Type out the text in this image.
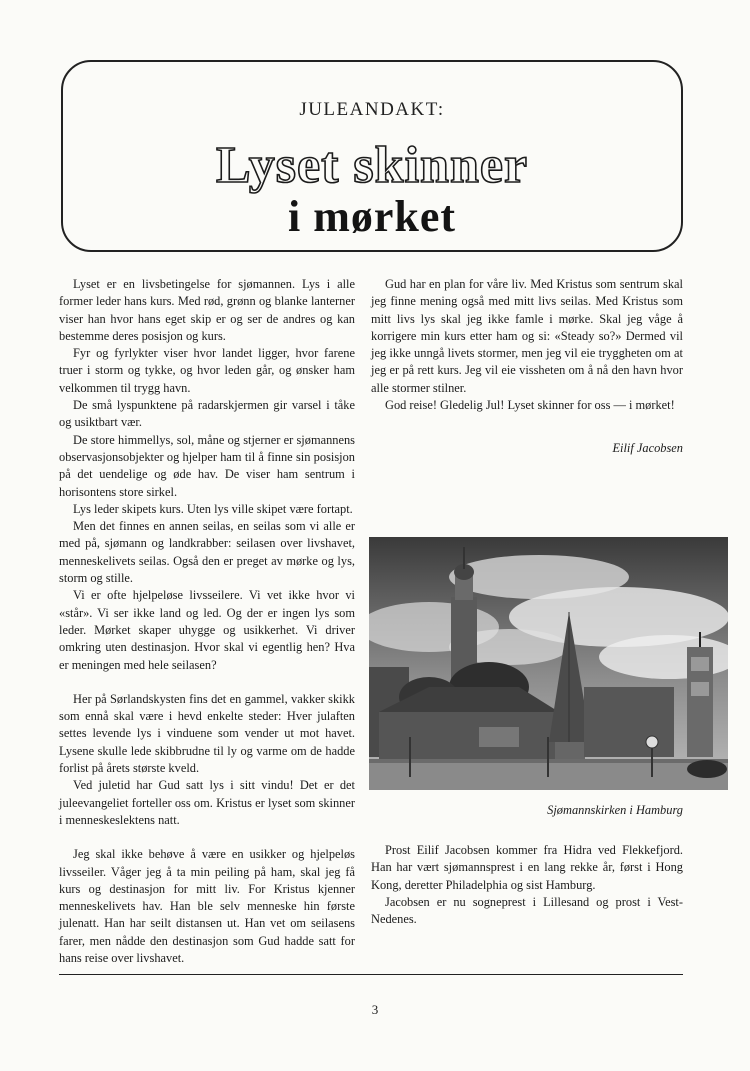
JULEANDAKT:
Lyset skinner
i mørket

Lyset er en livsbetingelse for sjømannen. Lys i alle former leder hans kurs. Med rød, grønn og blanke lanterner viser han hvor hans eget skip er og ser de andres og kan bestemme deres posisjon og kurs.

Fyr og fyrlykter viser hvor landet ligger, hvor farene truer i storm og tykke, og hvor leden går, og ønsker ham velkommen til trygg havn.

De små lyspunktene på radarskjermen gir varsel i tåke og usiktbart vær.

De store himmellys, sol, måne og stjerner er sjømannens observasjonsobjekter og hjelper ham til å finne sin posisjon på det uendelige og øde hav. De viser ham sentrum i horisontens store sirkel.

Lys leder skipets kurs. Uten lys ville skipet være fortapt.

Men det finnes en annen seilas, en seilas som vi alle er med på, sjømann og landkrabber: seilasen over livshavet, menneskelivets seilas. Også den er preget av mørke og lys, storm og stille.

Vi er ofte hjelpeløse livsseilere. Vi vet ikke hvor vi «står». Vi ser ikke land og led. Og der er ingen lys som leder. Mørket skaper uhygge og usikkerhet. Vi driver omkring uten destinasjon. Hvor skal vi egentlig hen? Hva er meningen med hele seilasen?

Her på Sørlandskysten fins det en gammel, vakker skikk som ennå skal være i hevd enkelte steder: Hver julaften settes levende lys i vinduene som vender ut mot havet. Lysene skulle lede skibbrudne til ly og varme om de hadde forlist på årets største kveld.

Ved juletid har Gud satt lys i sitt vindu! Det er det juleevangeliet forteller oss om. Kristus er lyset som skinner i menneskeslektens natt.

Jeg skal ikke behøve å være en usikker og hjelpeløs livsseiler. Våger jeg å ta min peiling på ham, skal jeg få kurs og destinasjon for mitt liv. For Kristus kjenner menneskelivets hav. Han ble selv menneske hin første julenatt. Han har seilt distansen ut. Han vet om seilasens farer, men nådde den destinasjon som Gud hadde satt for hans reise over livshavet.

Gud har en plan for våre liv. Med Kristus som sentrum skal jeg finne mening også med mitt livs seilas. Med Kristus som mitt livs lys skal jeg ikke famle i mørke. Skal jeg våge å korrigere min kurs etter ham og si: «Steady so?» Dermed vil jeg ikke unngå livets stormer, men jeg vil eie tryggheten om at jeg er på rett kurs. Jeg vil eie vissheten om å nå den havn hvor alle stormer stilner.

God reise! Gledelig Jul! Lyset skinner for oss — i mørket!

Eilif Jacobsen
Sjømannskirken i Hamburg

Prost Eilif Jacobsen kommer fra Hidra ved Flekkefjord. Han har vært sjømannsprest i en lang rekke år, først i Hong Kong, deretter Philadelphia og sist Hamburg.

Jacobsen er nu sogneprest i Lillesand og prost i Vest-Nedenes.

3
